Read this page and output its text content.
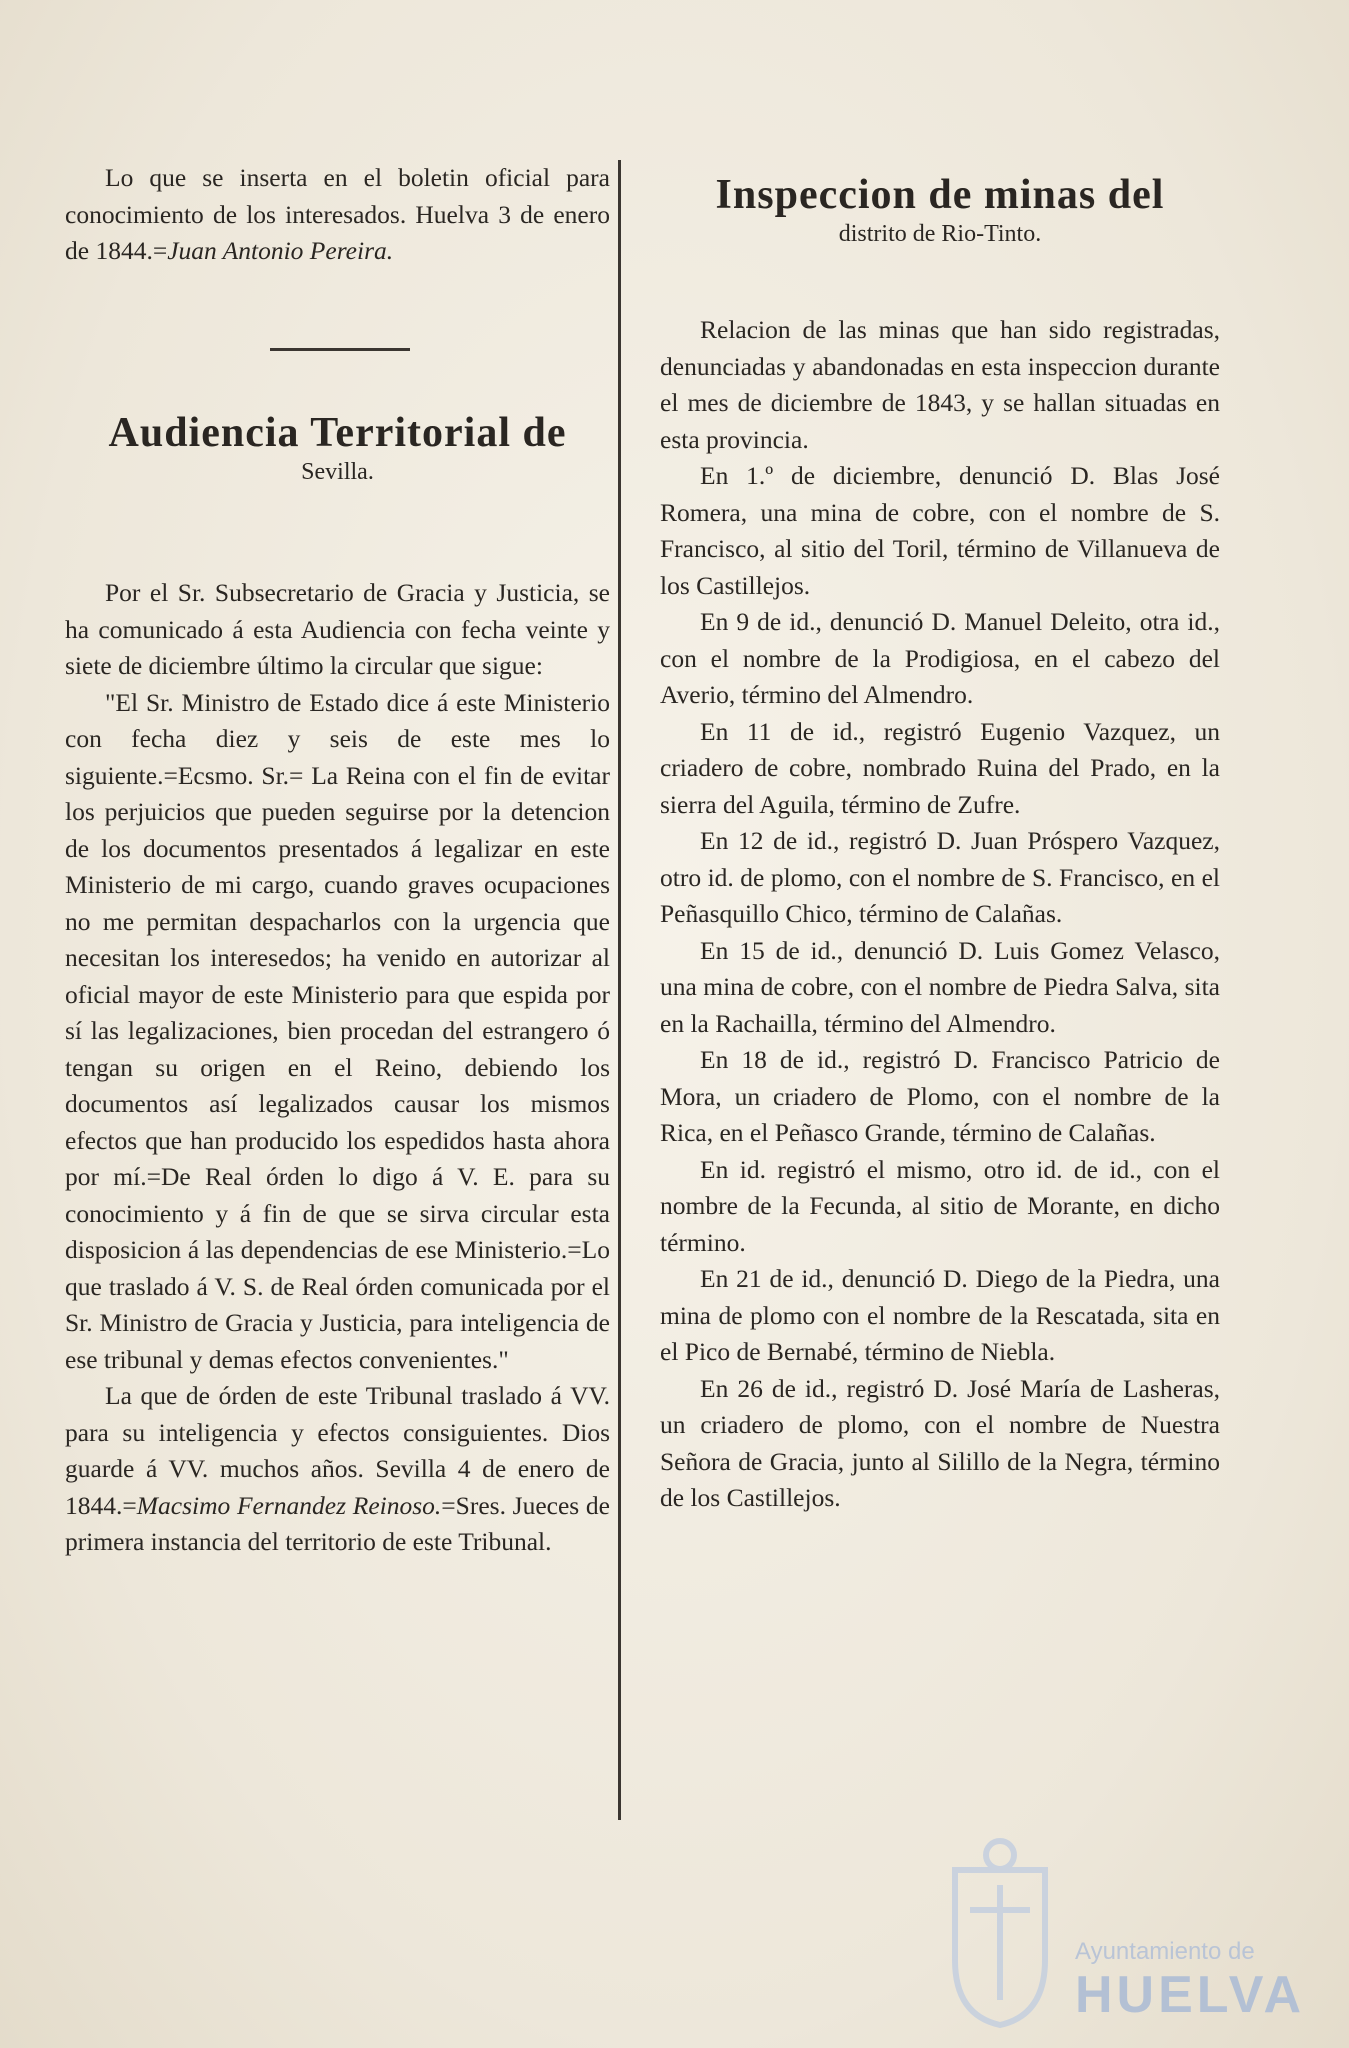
Lo que se inserta en el boletin oficial para conocimiento de los interesados. Huelva 3 de enero de 1844.=Juan Antonio Pereira.

Audiencia Territorial de

Sevilla.

Por el Sr. Subsecretario de Gracia y Justicia, se ha comunicado á esta Audiencia con fecha veinte y siete de diciembre último la circular que sigue:

"El Sr. Ministro de Estado dice á este Ministerio con fecha diez y seis de este mes lo siguiente.=Ecsmo. Sr.= La Reina con el fin de evitar los perjuicios que pueden seguirse por la detencion de los documentos presentados á legalizar en este Ministerio de mi cargo, cuando graves ocupaciones no me permitan despacharlos con la urgencia que necesitan los interesedos; ha venido en autorizar al oficial mayor de este Ministerio para que espida por sí las legalizaciones, bien procedan del estrangero ó tengan su origen en el Reino, debiendo los documentos así legalizados causar los mismos efectos que han producido los espedidos hasta ahora por mí.=De Real órden lo digo á V. E. para su conocimiento y á fin de que se sirva circular esta disposicion á las dependencias de ese Ministerio.=Lo que traslado á V. S. de Real órden comunicada por el Sr. Ministro de Gracia y Justicia, para inteligencia de ese tribunal y demas efectos convenientes."

La que de órden de este Tribunal traslado á VV. para su inteligencia y efectos consiguientes. Dios guarde á VV. muchos años. Sevilla 4 de enero de 1844.=Macsimo Fernandez Reinoso.=Sres. Jueces de primera instancia del territorio de este Tribunal.

Inspeccion de minas del

distrito de Rio-Tinto.

Relacion de las minas que han sido registradas, denunciadas y abandonadas en esta inspeccion durante el mes de diciembre de 1843, y se hallan situadas en esta provincia.

En 1.º de diciembre, denunció D. Blas José Romera, una mina de cobre, con el nombre de S. Francisco, al sitio del Toril, término de Villanueva de los Castillejos.

En 9 de id., denunció D. Manuel Deleito, otra id., con el nombre de la Prodigiosa, en el cabezo del Averio, término del Almendro.

En 11 de id., registró Eugenio Vazquez, un criadero de cobre, nombrado Ruina del Prado, en la sierra del Aguila, término de Zufre.

En 12 de id., registró D. Juan Próspero Vazquez, otro id. de plomo, con el nombre de S. Francisco, en el Peñasquillo Chico, término de Calañas.

En 15 de id., denunció D. Luis Gomez Velasco, una mina de cobre, con el nombre de Piedra Salva, sita en la Rachailla, término del Almendro.

En 18 de id., registró D. Francisco Patricio de Mora, un criadero de Plomo, con el nombre de la Rica, en el Peñasco Grande, término de Calañas.

En id. registró el mismo, otro id. de id., con el nombre de la Fecunda, al sitio de Morante, en dicho término.

En 21 de id., denunció D. Diego de la Piedra, una mina de plomo con el nombre de la Rescatada, sita en el Pico de Bernabé, término de Niebla.

En 26 de id., registró D. José María de Lasheras, un criadero de plomo, con el nombre de Nuestra Señora de Gracia, junto al Silillo de la Negra, término de los Castillejos.

Ayuntamiento de
HUELVA
